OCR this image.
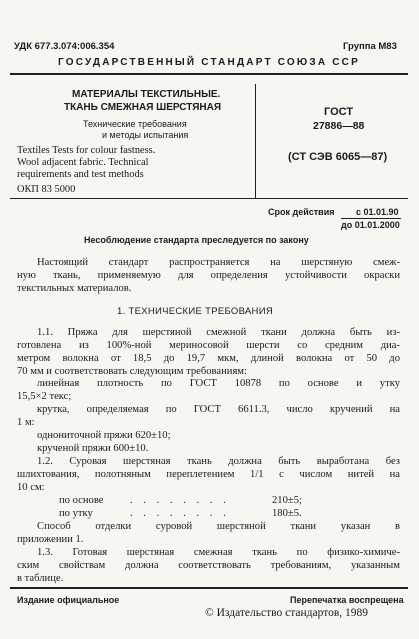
УДК 677.3.074:006.354	Группа М83
ГОСУДАРСТВЕННЫЙ СТАНДАРТ СОЮЗА ССР
МАТЕРИАЛЫ ТЕКСТИЛЬНЫЕ.
ТКАНЬ СМЕЖНАЯ ШЕРСТЯНАЯ
Технические требования
и методы испытания
Textiles Tests for colour fastness.
Wool adjacent fabric. Technical
requirements and test methods
ОКП 83 5000
ГОСТ
27886—88
(СТ СЭВ 6065—87)
Срок действия с 01.01.90
до 01.01.2000
Несоблюдение стандарта преследуется по закону
Настоящий стандарт распространяется на шерстяную смеж-
ную ткань, применяемую для определения устойчивости окраски
текстильных материалов.
1. ТЕХНИЧЕСКИЕ ТРЕБОВАНИЯ
1.1. Пряжа для шерстяной смежной ткани должна быть из-
готовлена из 100%-ной мериносовой шерсти со средним диа-
метром волокна от 18,5 до 19,7 мкм, длиной волокна от 50 до
70 мм и соответствовать следующим требованиям:
линейная плотность по ГОСТ 10878 по основе и утку
15,5×2 текс;
крутка, определяемая по ГОСТ 6611.3, число кручений на
1 м:
однониточной пряжи 620±10;
крученой пряжи 600±10.
1.2. Суровая шерстяная ткань должна быть выработана без
шлихтования, полотняным переплетением 1/1 с числом нитей на
10 см:
по основе	. . . . . . . .	210±5;
по утку	. . . . . . . .	180±5.
Способ отделки суровой шерстяной ткани указан в
приложении 1.
1.3. Готовая шерстяная смежная ткань по физико-химиче-
ским свойствам должна соответствовать требованиям, указанным
в таблице.
Издание официальное	Перепечатка воспрещена
© Издательство стандартов, 1989
